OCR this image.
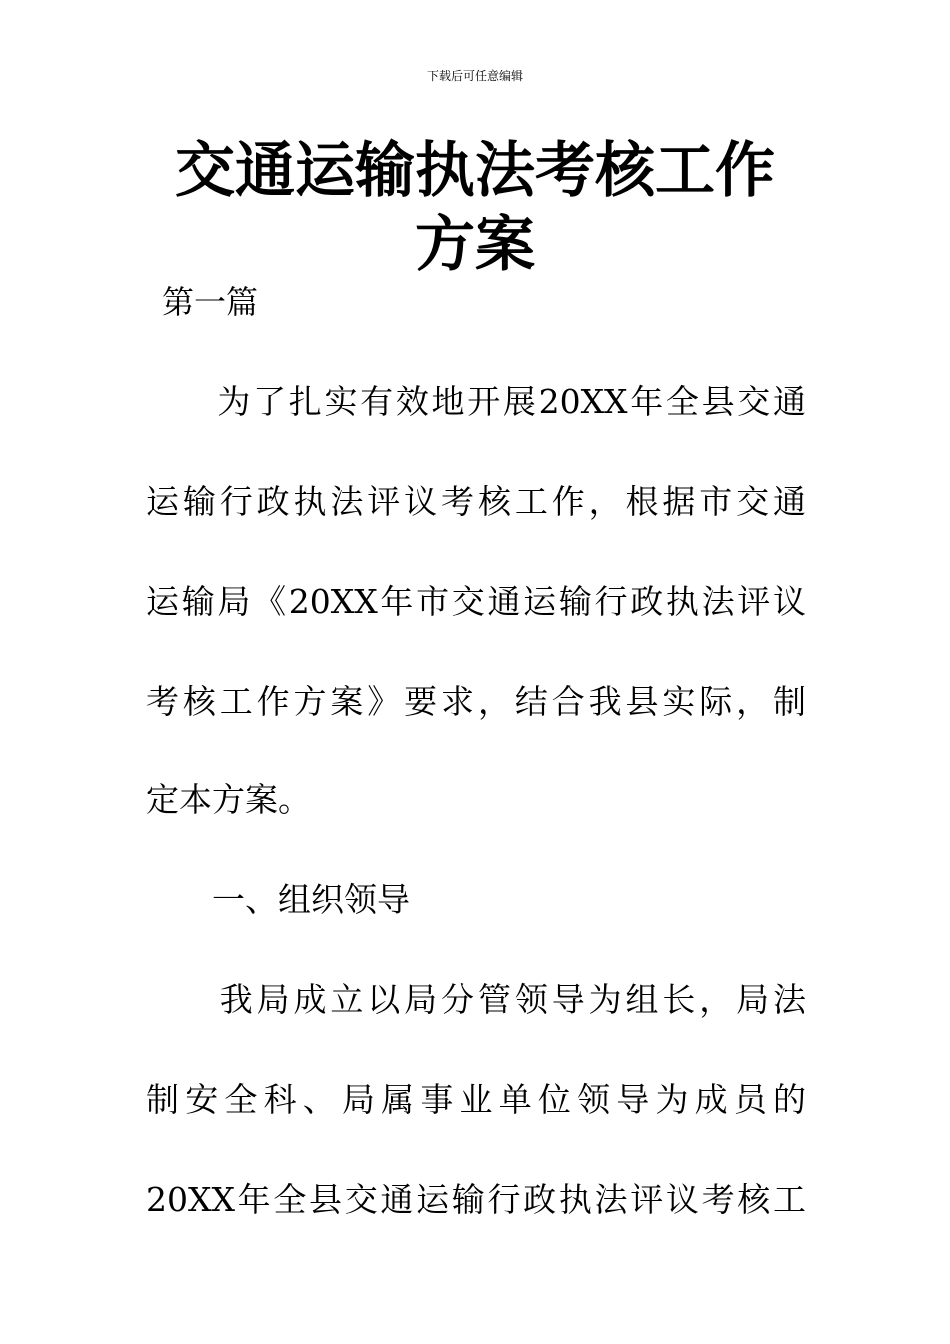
下载后可任意编辑
交通运输执法考核工作方案
第一篇
　　为了扎实有效地开展20XX年全县交通
运输行政执法评议考核工作，根据市交通
运输局《20XX年市交通运输行政执法评议
考核工作方案》要求，结合我县实际，制
定本方案。
　　一、组织领导
　　我局成立以局分管领导为组长，局法
制安全科、局属事业单位领导为成员的
20XX年全县交通运输行政执法评议考核工
